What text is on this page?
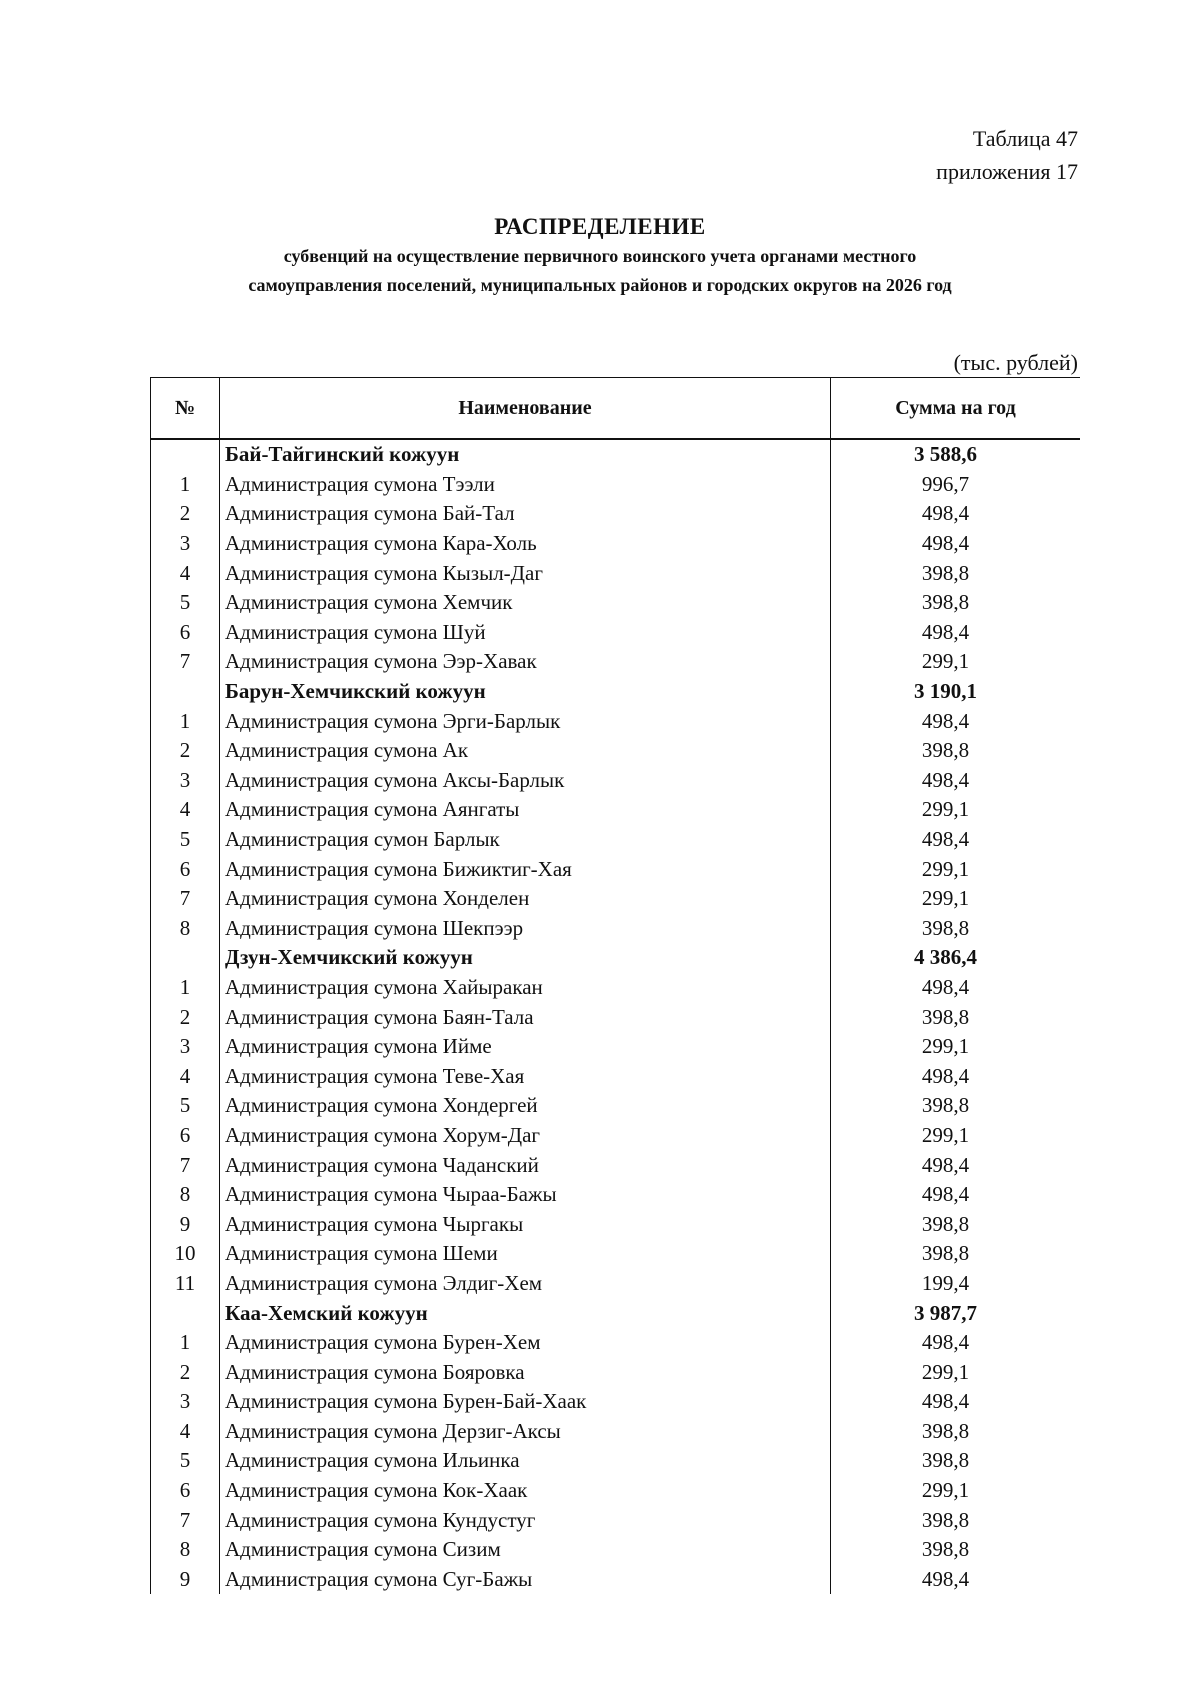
Таблица 47
приложения 17
РАСПРЕДЕЛЕНИЕ
субвенций на осуществление первичного воинского учета органами местного
самоуправления поселений, муниципальных районов и городских округов на 2026 год
(тыс. рублей)
№	Наименование	Сумма на год
	Бай-Тайгинский кожуун	3 588,6
1	Администрация сумона Тээли	996,7
2	Администрация сумона Бай-Тал	498,4
3	Администрация сумона Кара-Холь	498,4
4	Администрация сумона Кызыл-Даг	398,8
5	Администрация сумона Хемчик	398,8
6	Администрация сумона Шуй	498,4
7	Администрация сумона Ээр-Хавак	299,1
	Барун-Хемчикский кожуун	3 190,1
1	Администрация сумона Эрги-Барлык	498,4
2	Администрация сумона Ак	398,8
3	Администрация сумона Аксы-Барлык	498,4
4	Администрация сумона Аянгаты	299,1
5	Администрация сумон Барлык	498,4
6	Администрация сумона Бижиктиг-Хая	299,1
7	Администрация сумона Хонделен	299,1
8	Администрация сумона Шекпээр	398,8
	Дзун-Хемчикский кожуун	4 386,4
1	Администрация сумона Хайыракан	498,4
2	Администрация сумона Баян-Тала	398,8
3	Администрация сумона Ийме	299,1
4	Администрация сумона Теве-Хая	498,4
5	Администрация сумона Хондергей	398,8
6	Администрация сумона Хорум-Даг	299,1
7	Администрация сумона Чаданский	498,4
8	Администрация сумона Чыраа-Бажы	498,4
9	Администрация сумона Чыргакы	398,8
10	Администрация сумона Шеми	398,8
11	Администрация сумона Элдиг-Хем	199,4
	Каа-Хемский кожуун	3 987,7
1	Администрация сумона Бурен-Хем	498,4
2	Администрация сумона Бояровка	299,1
3	Администрация сумона Бурен-Бай-Хаак	498,4
4	Администрация сумона Дерзиг-Аксы	398,8
5	Администрация сумона Ильинка	398,8
6	Администрация сумона Кок-Хаак	299,1
7	Администрация сумона Кундустуг	398,8
8	Администрация сумона Сизим	398,8
9	Администрация сумона Суг-Бажы	498,4
